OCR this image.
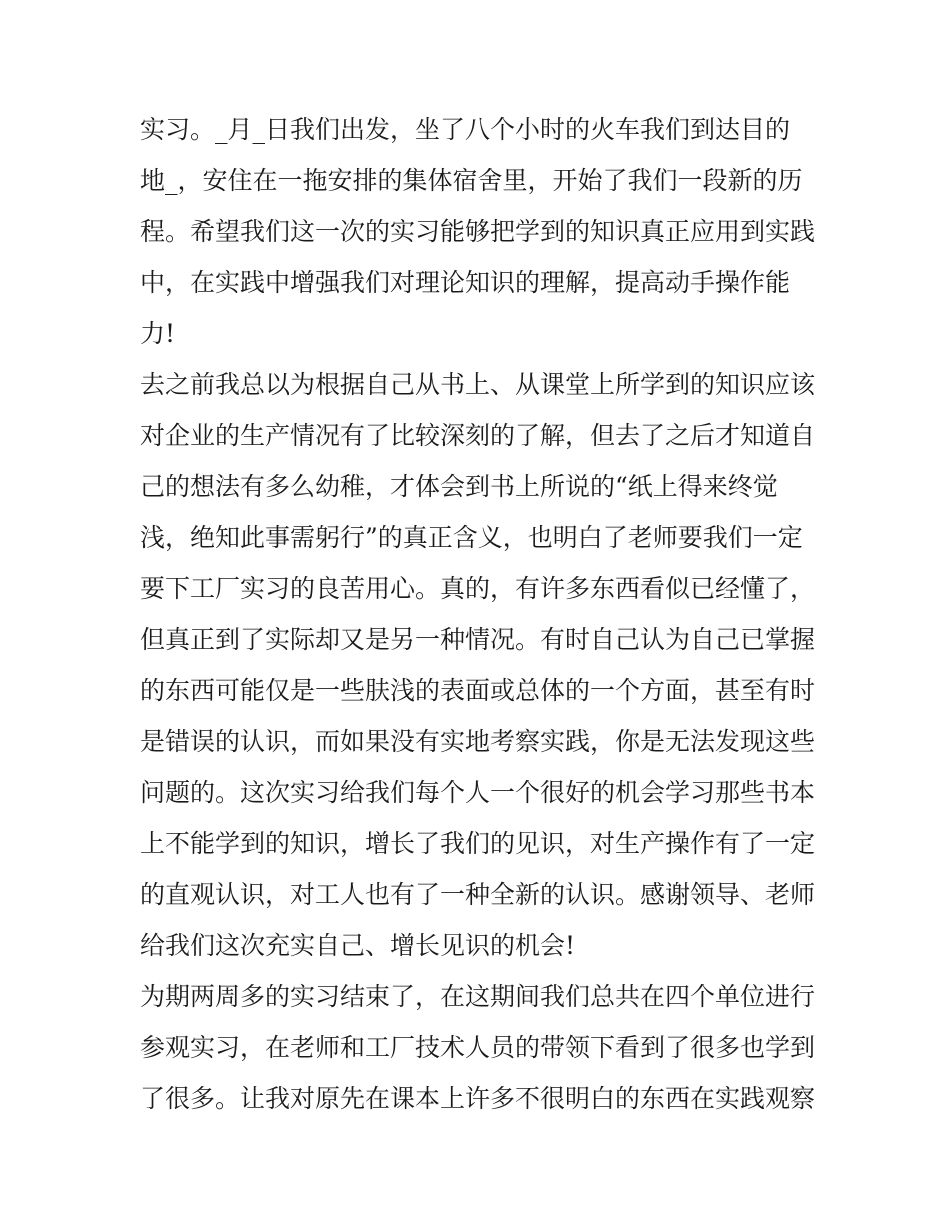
实习。_月_日我们出发，坐了八个小时的火车我们到达目的
地_，安住在一拖安排的集体宿舍里，开始了我们一段新的历
程。希望我们这一次的实习能够把学到的知识真正应用到实践
中，在实践中增强我们对理论知识的理解，提高动手操作能
力!
去之前我总以为根据自己从书上、从课堂上所学到的知识应该
对企业的生产情况有了比较深刻的了解，但去了之后才知道自
己的想法有多么幼稚，才体会到书上所说的“纸上得来终觉
浅，绝知此事需躬行”的真正含义，也明白了老师要我们一定
要下工厂实习的良苦用心。真的，有许多东西看似已经懂了，
但真正到了实际却又是另一种情况。有时自己认为自己已掌握
的东西可能仅是一些肤浅的表面或总体的一个方面，甚至有时
是错误的认识，而如果没有实地考察实践，你是无法发现这些
问题的。这次实习给我们每个人一个很好的机会学习那些书本
上不能学到的知识，增长了我们的见识，对生产操作有了一定
的直观认识，对工人也有了一种全新的认识。感谢领导、老师
给我们这次充实自己、增长见识的机会!
为期两周多的实习结束了，在这期间我们总共在四个单位进行
参观实习，在老师和工厂技术人员的带领下看到了很多也学到
了很多。让我对原先在课本上许多不很明白的东西在实践观察
